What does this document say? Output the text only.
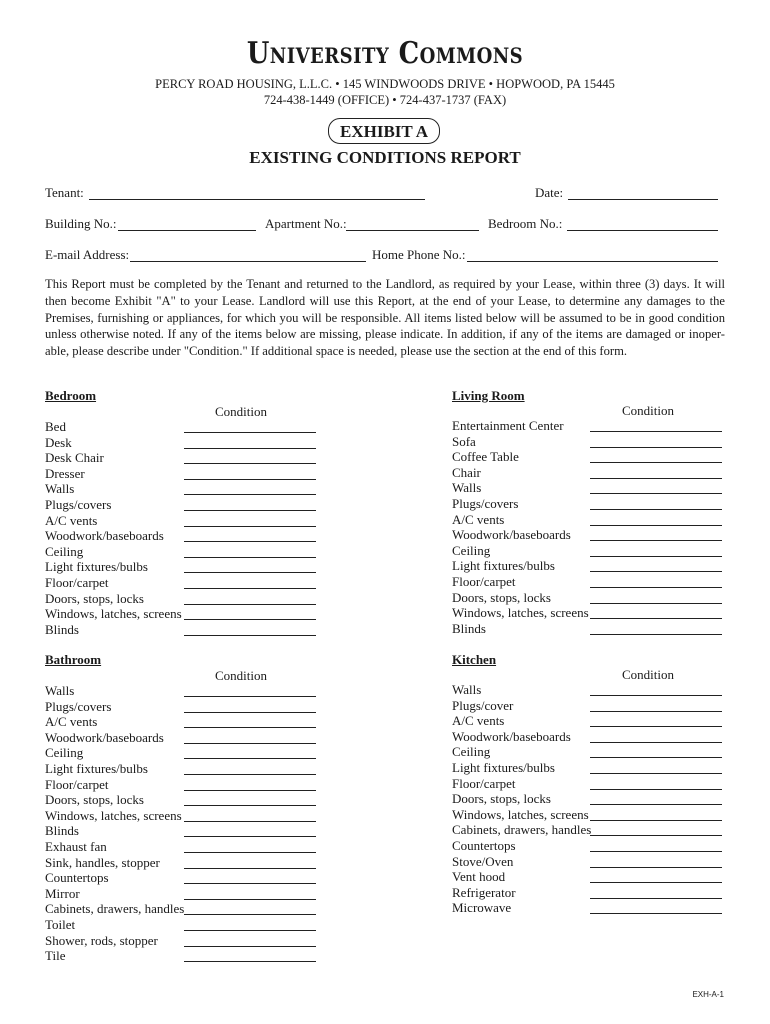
University Commons
PERCY ROAD HOUSING, L.L.C. • 145 WINDWOODS DRIVE • HOPWOOD, PA 15445
724-438-1449 (OFFICE) • 724-437-1737 (FAX)
EXHIBIT A
EXISTING CONDITIONS REPORT
Tenant:	Date:
Building No.:	Apartment No.:	Bedroom No.:
E-mail Address:	Home Phone No.:
This Report must be completed by the Tenant and returned to the Landlord, as required by your Lease, within three (3) days. It will then become Exhibit "A" to your Lease. Landlord will use this Report, at the end of your Lease, to determine any damages to the Premises, furnishing or appliances, for which you will be responsible. All items listed below will be assumed to be in good condition unless otherwise noted. If any of the items below are missing, please indicate. In addition, if any of the items are damaged or inoper-able, please describe under "Condition." If additional space is needed, please use the section at the end of this form.
Bedroom
Condition
Bed
Desk
Desk Chair
Dresser
Walls
Plugs/covers
A/C vents
Woodwork/baseboards
Ceiling
Light fixtures/bulbs
Floor/carpet
Doors, stops, locks
Windows, latches, screens
Blinds
Living Room
Condition
Entertainment Center
Sofa
Coffee Table
Chair
Walls
Plugs/covers
A/C vents
Woodwork/baseboards
Ceiling
Light fixtures/bulbs
Floor/carpet
Doors, stops, locks
Windows, latches, screens
Blinds
Bathroom
Condition
Walls
Plugs/covers
A/C vents
Woodwork/baseboards
Ceiling
Light fixtures/bulbs
Floor/carpet
Doors, stops, locks
Windows, latches, screens
Blinds
Exhaust fan
Sink, handles, stopper
Countertops
Mirror
Cabinets, drawers, handles
Toilet
Shower, rods, stopper
Tile
Kitchen
Condition
Walls
Plugs/cover
A/C vents
Woodwork/baseboards
Ceiling
Light fixtures/bulbs
Floor/carpet
Doors, stops, locks
Windows, latches, screens
Cabinets, drawers, handles
Countertops
Stove/Oven
Vent hood
Refrigerator
Microwave
EXH-A-1
